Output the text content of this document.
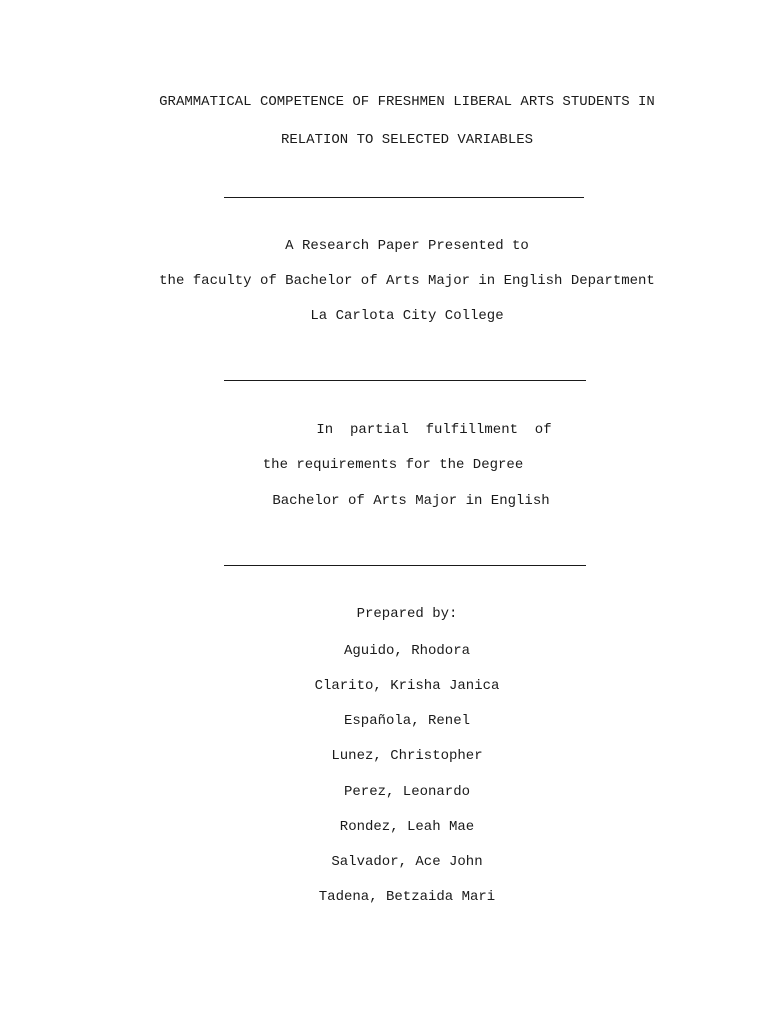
GRAMMATICAL COMPETENCE OF FRESHMEN LIBERAL ARTS STUDENTS IN
RELATION TO SELECTED VARIABLES
A Research Paper Presented to
the faculty of Bachelor of Arts Major in English Department
La Carlota City College
In  partial  fulfillment  of
the requirements for the Degree
Bachelor of Arts Major in English
Prepared by:
Aguido, Rhodora
Clarito, Krisha Janica
Española, Renel
Lunez, Christopher
Perez, Leonardo
Rondez, Leah Mae
Salvador, Ace John
Tadena, Betzaida Mari
